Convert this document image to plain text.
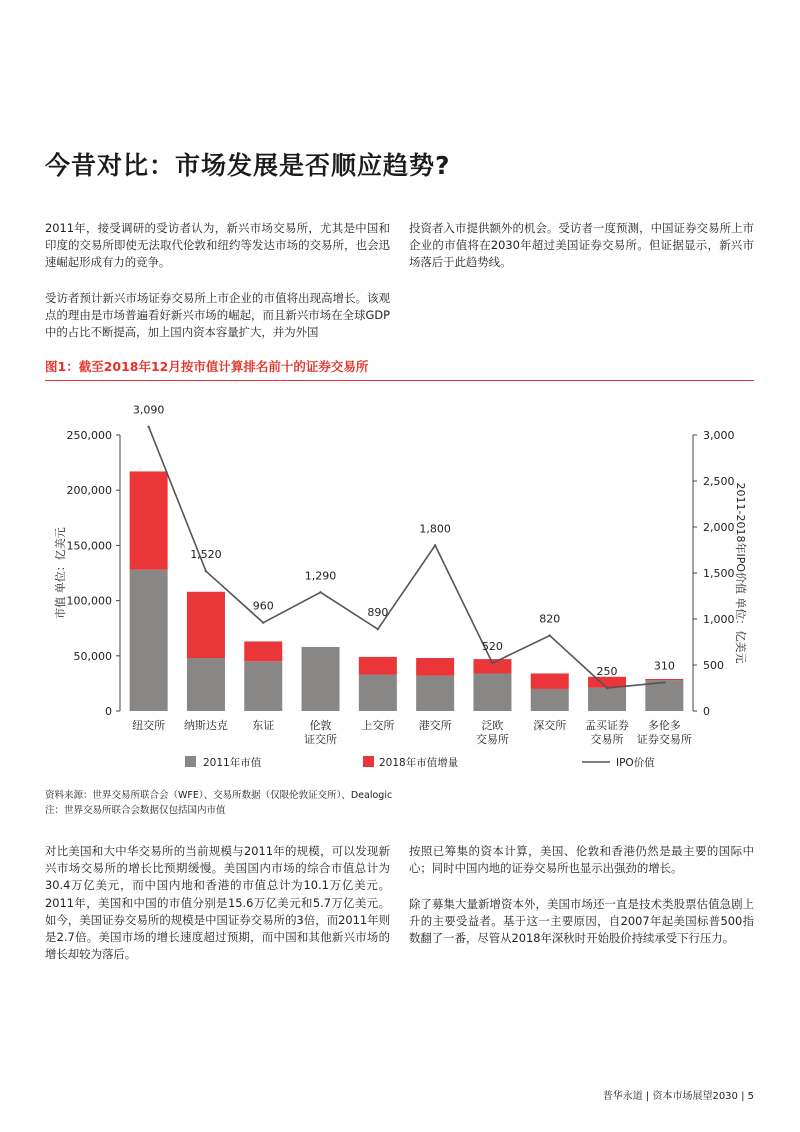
今昔对比：市场发展是否顺应趋势?

2011年，接受调研的受访者认为，新兴市场交易所，尤其是中国和印度的交易所即使无法取代伦敦和纽约等发达市场的交易所，也会迅速崛起形成有力的竞争。

受访者预计新兴市场证券交易所上市企业的市值将出现高增长。该观点的理由是市场普遍看好新兴市场的崛起，而且新兴市场在全球GDP中的占比不断提高，加上国内资本容量扩大，并为外国

投资者入市提供额外的机会。受访者一度预测，中国证券交易所上市企业的市值将在2030年超过美国证券交易所。但证据显示，新兴市场落后于此趋势线。

图1：截至2018年12月按市值计算排名前十的证券交易所

0
50,000
100,000
150,000
200,000
250,000
0
500
1,000
1,500
2,000
2,500
3,000
市值 单位：亿美元	2011-2018年IPO价值 单位：亿美元
3,090
1,520
960
1,290
890
1,800
520
820
250	310
纽交所 纳斯达克 东证	伦敦
证交所
上交所 港交所	泛欧
交易所
深交所 孟买证券
交易所
多伦多
证券交易所
2011年市值	2018年市值增量	IPO价值

资料来源：世界交易所联合会（WFE）、交易所数据（仅限伦敦证交所）、Dealogic
注：世界交易所联合会数据仅包括国内市值

对比美国和大中华交易所的当前规模与2011年的规模，可以发现新兴市场交易所的增长比预期缓慢。美国国内市场的综合市值总计为30.4万亿美元，而中国内地和香港的市值总计为10.1万亿美元。2011年，美国和中国的市值分别是15.6万亿美元和5.7万亿美元。如今，美国证券交易所的规模是中国证券交易所的3倍，而2011年则是2.7倍。美国市场的增长速度超过预期，而中国和其他新兴市场的增长却较为落后。

按照已筹集的资本计算，美国、伦敦和香港仍然是最主要的国际中心；同时中国内地的证券交易所也显示出强劲的增长。

除了募集大量新增资本外，美国市场还一直是技术类股票估值急剧上升的主要受益者。基于这一主要原因，自2007年起美国标普500指数翻了一番，尽管从2018年深秋时开始股价持续承受下行压力。

普华永道 | 资本市场展望2030 | 5
